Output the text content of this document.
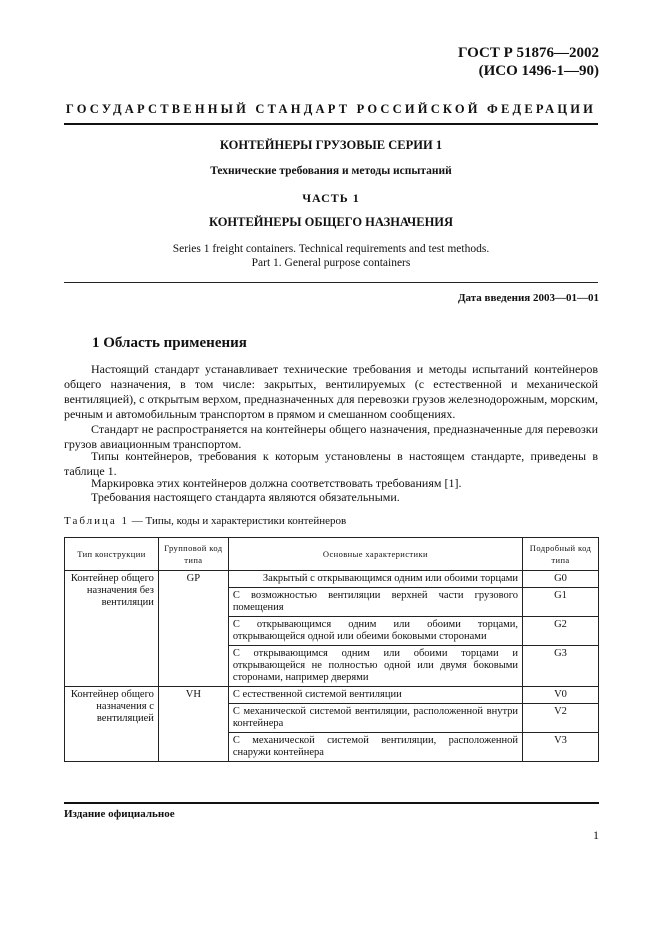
ГОСТ Р 51876—2002
(ИСО 1496-1—90)
ГОСУДАРСТВЕННЫЙ СТАНДАРТ РОССИЙСКОЙ ФЕДЕРАЦИИ
КОНТЕЙНЕРЫ ГРУЗОВЫЕ СЕРИИ 1
Технические требования и методы испытаний
ЧАСТЬ 1
КОНТЕЙНЕРЫ ОБЩЕГО НАЗНАЧЕНИЯ
Series 1 freight containers. Technical requirements and test methods.
Part 1. General purpose containers
Дата введения 2003—01—01
1 Область применения
Настоящий стандарт устанавливает технические требования и методы испытаний контейнеров общего назначения, в том числе: закрытых, вентилируемых (с естественной и механической вентиляцией), с открытым верхом, предназначенных для перевозки грузов железнодорожным, морским, речным и автомобильным транспортом в прямом и смешанном сообщениях.
Стандарт не распространяется на контейнеры общего назначения, предназначенные для перевозки грузов авиационным транспортом.
Типы контейнеров, требования к которым установлены в настоящем стандарте, приведены в таблице 1.
Маркировка этих контейнеров должна соответствовать требованиям [1].
Требования настоящего стандарта являются обязательными.
Таблица 1 — Типы, коды и характеристики контейнеров
Тип конструкции	Групповой код типа	Основные характеристики	Подробный код типа
Контейнер общего назначения без вентиляции	GP	Закрытый с открывающимся одним или обоими торцами	G0
		С возможностью вентиляции верхней части грузового помещения	G1
		С открывающимся одним или обоими торцами, открывающейся одной или обеими боковыми сторонами	G2
		С открывающимся одним или обоими торцами и открывающейся не полностью одной или двумя боковыми сторонами, например дверями	G3
Контейнер общего назначения с вентиляцией	VH	С естественной системой вентиляции	V0
		С механической системой вентиляции, расположенной внутри контейнера	V2
		С механической системой вентиляции, расположенной снаружи контейнера	V3
Издание официальное
1
